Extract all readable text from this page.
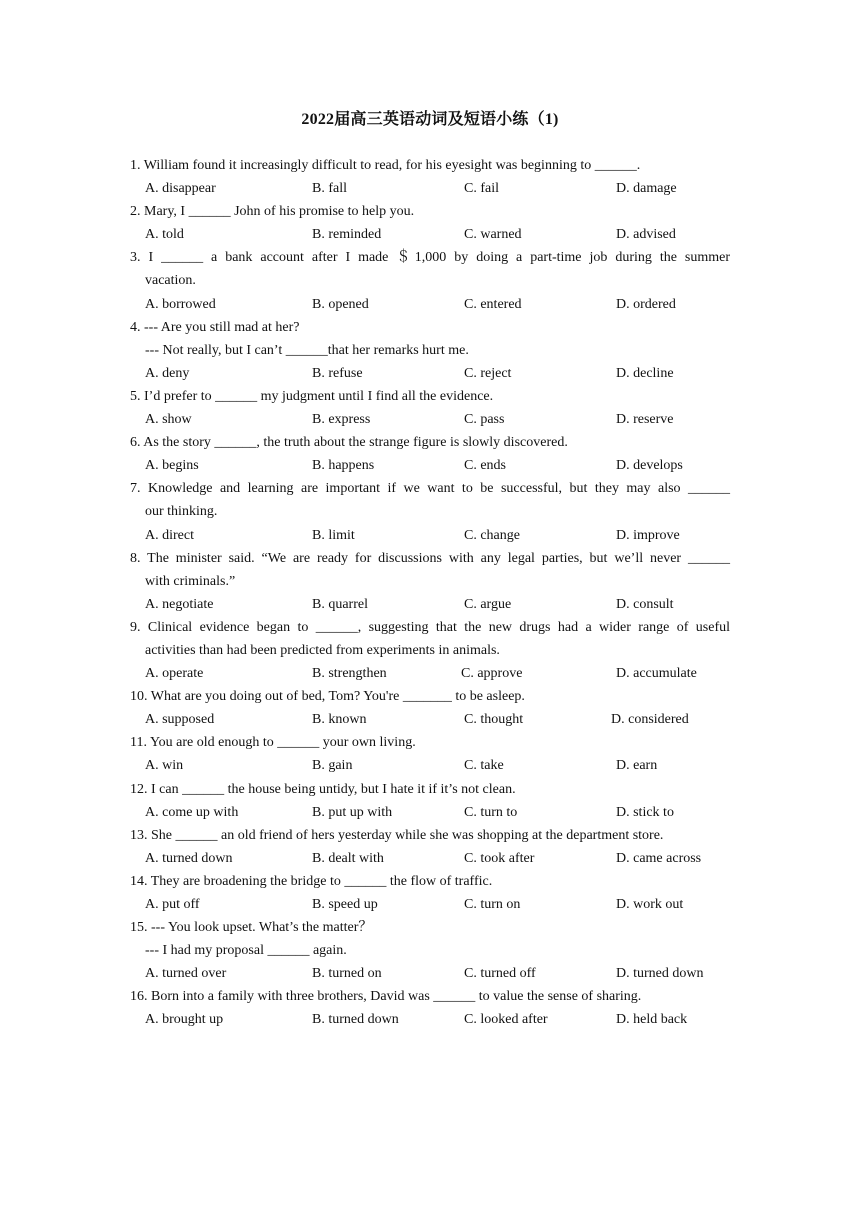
2022届高三英语动词及短语小练（1)
1. William found it increasingly difficult to read, for his eyesight was beginning to ______.
A. disappear	B. fall	C. fail	D. damage
2. Mary, I ______ John of his promise to help you.
A. told	B. reminded	C. warned	D. advised
3. I ______ a bank account after I made ＄1,000 by doing a part-time job during the summer
vacation.
A. borrowed	B. opened	C. entered	D. ordered
4. --- Are you still mad at her?
--- Not really, but I can’t ______that her remarks hurt me.
A. deny	B. refuse	C. reject	D. decline
5. I’d prefer to ______ my judgment until I find all the evidence.
A. show	B. express	C. pass	D. reserve
6. As the story ______, the truth about the strange figure is slowly discovered.
A. begins	B. happens	C. ends	D. develops
7. Knowledge and learning are important if we want to be successful, but they may also ______
our thinking.
A. direct	B. limit	C. change	D. improve
8. The minister said. “We are ready for discussions with any legal parties, but we’ll never ______
with criminals.”
A. negotiate	B. quarrel	C. argue	D. consult
9. Clinical evidence began to ______, suggesting that the new drugs had a wider range of useful
activities than had been predicted from experiments in animals.
A. operate	B. strengthen	C. approve	D. accumulate
10. What are you doing out of bed, Tom? You're _______ to be asleep.
A. supposed	B. known	C. thought	D. considered
11. You are old enough to ______ your own living.
A. win	B. gain	C. take	D. earn
12. I can ______ the house being untidy, but I hate it if it’s not clean.
A. come up with	B. put up with	C. turn to	D. stick to
13. She ______ an old friend of hers yesterday while she was shopping at the department store.
A. turned down	B. dealt with	C. took after	D. came across
14. They are broadening the bridge to ______ the flow of traffic.
A. put off	B. speed up	C. turn on	D. work out
15. --- You look upset. What’s the matter？
--- I had my proposal ______ again.
A. turned over	B. turned on	C. turned off	D. turned down
16. Born into a family with three brothers, David was ______ to value the sense of sharing.
A. brought up	B. turned down	C. looked after	D. held back
